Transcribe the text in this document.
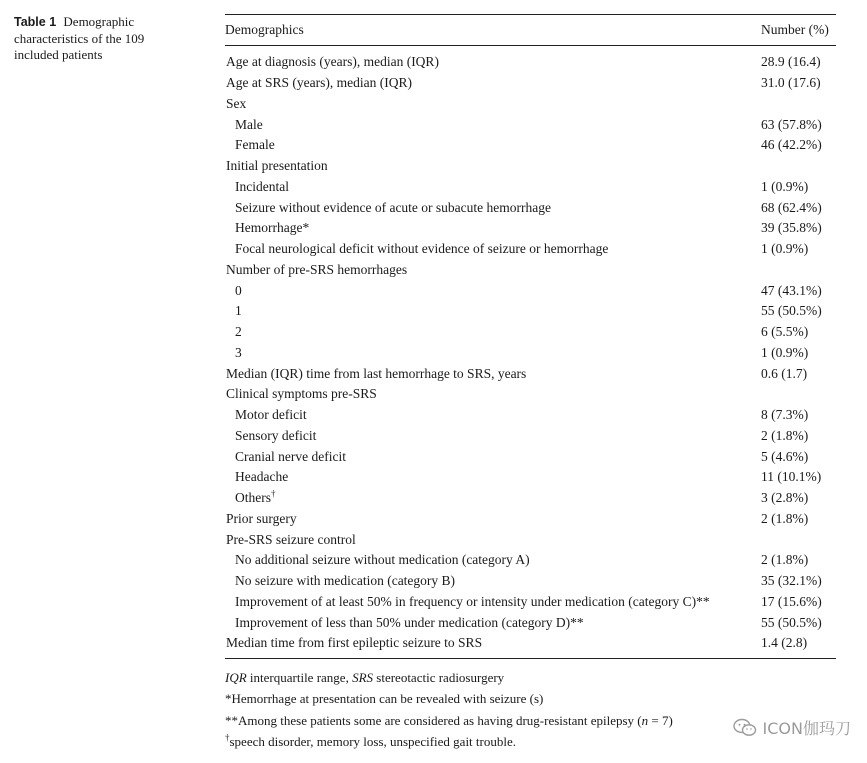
Table 1 Demographic characteristics of the 109 included patients
Demographics	Number (%)
Age at diagnosis (years), median (IQR)	28.9 (16.4)
Age at SRS (years), median (IQR)	31.0 (17.6)
Sex
Male	63 (57.8%)
Female	46 (42.2%)
Initial presentation
Incidental	1 (0.9%)
Seizure without evidence of acute or subacute hemorrhage	68 (62.4%)
Hemorrhage*	39 (35.8%)
Focal neurological deficit without evidence of seizure or hemorrhage	1 (0.9%)
Number of pre-SRS hemorrhages
0	47 (43.1%)
1	55 (50.5%)
2	6 (5.5%)
3	1 (0.9%)
Median (IQR) time from last hemorrhage to SRS, years	0.6 (1.7)
Clinical symptoms pre-SRS
Motor deficit	8 (7.3%)
Sensory deficit	2 (1.8%)
Cranial nerve deficit	5 (4.6%)
Headache	11 (10.1%)
Others†	3 (2.8%)
Prior surgery	2 (1.8%)
Pre-SRS seizure control
No additional seizure without medication (category A)	2 (1.8%)
No seizure with medication (category B)	35 (32.1%)
Improvement of at least 50% in frequency or intensity under medication (category C)**	17 (15.6%)
Improvement of less than 50% under medication (category D)**	55 (50.5%)
Median time from first epileptic seizure to SRS	1.4 (2.8)
IQR interquartile range, SRS stereotactic radiosurgery
*Hemorrhage at presentation can be revealed with seizure (s)
**Among these patients some are considered as having drug-resistant epilepsy (n = 7)
†speech disorder, memory loss, unspecified gait trouble.
ICON伽玛刀
